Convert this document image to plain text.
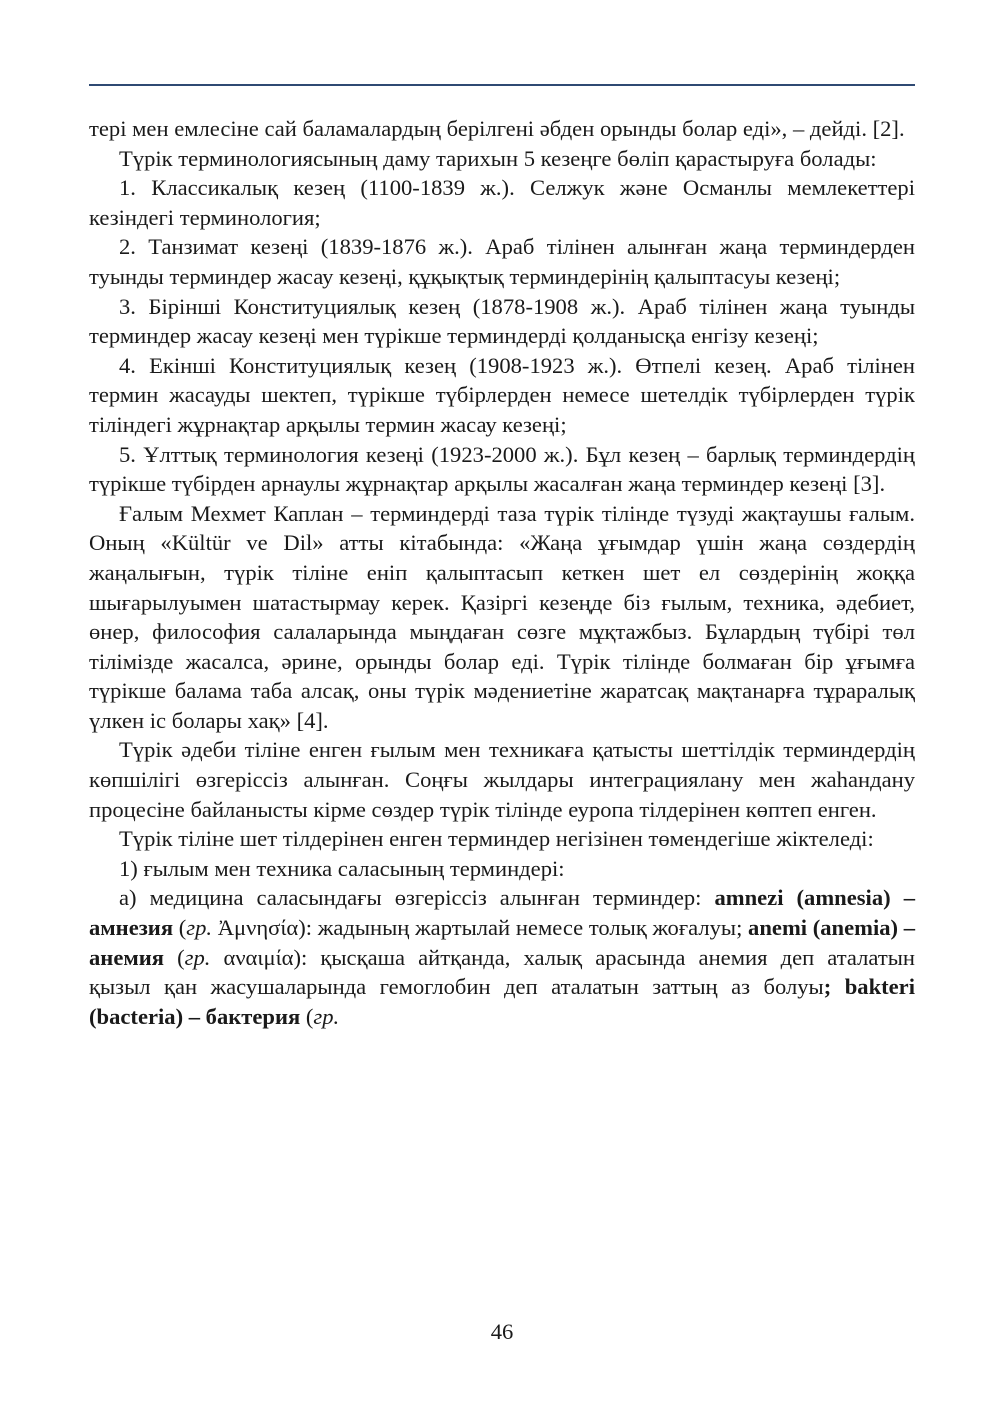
тері мен емлесіне сай баламалардың берілгені әбден орынды болар еді», – дейді. [2].

Түрік терминологиясының даму тарихын 5 кезеңге бөліп қарастыруға болады:

1. Классикалық кезең (1100-1839 ж.). Селжук және Османлы мемлекеттері кезіндегі терминология;

2. Танзимат кезеңі (1839-1876 ж.). Араб тілінен алынған жаңа терминдерден туынды терминдер жасау кезеңі, құқықтық терминдерінің қалыптасуы кезеңі;

3. Бірінші Конституциялық кезең (1878-1908 ж.). Араб тілінен жаңа туынды терминдер жасау кезеңі мен түрікше терминдерді қолданысқа енгізу кезеңі;

4. Екінші Конституциялық кезең (1908-1923 ж.). Өтпелі кезең. Араб тілінен термин жасауды шектеп, түрікше түбірлерден немесе шетелдік түбірлерден түрік тіліндегі жұрнақтар арқылы термин жасау кезеңі;

5. Ұлттық терминология кезеңі (1923-2000 ж.). Бұл кезең – барлық терминдердің түрікше түбірден арнаулы жұрнақтар арқылы жасалған жаңа терминдер кезеңі [3].

Ғалым Мехмет Каплан – терминдерді таза түрік тілінде түзуді жақтаушы ғалым. Оның «Kültür ve Dil» атты кітабында: «Жаңа ұғымдар үшін жаңа сөздердің жаңалығын, түрік тіліне еніп қалыптасып кеткен шет ел сөздерінің жоққа шығарылуымен шатастырмау керек. Қазіргі кезеңде біз ғылым, техника, әдебиет, өнер, философия салаларында мыңдаған сөзге мұқтажбыз. Бұлардың түбірі төл тілімізде жасалса, әрине, орынды болар еді. Түрік тілінде болмаған бір ұғымға түрікше балама таба алсақ, оны түрік мәдениетіне жаратсақ мақтанарға тұраралық үлкен іс болары хақ» [4].

Түрік әдеби тіліне енген ғылым мен техникаға қатысты шеттілдік терминдердің көпшілігі өзгеріссіз алынған. Соңғы жылдары интеграциялану мен жаһандану процесіне байланысты кірме сөздер түрік тілінде еуропа тілдерінен көптеп енген.

Түрік тіліне шет тілдерінен енген терминдер негізінен төмендегіше жіктеледі:

1) ғылым мен техника саласының терминдері:

а) медицина саласындағы өзгеріссіз алынған терминдер: amnezi (amnesia) – амнезия (гр. Ἀμνησία): жадының жартылай немесе толық жоғалуы; anemi (anemia) – анемия (гр. αναιμία): қысқаша айтқанда, халық арасында анемия деп аталатын қызыл қан жасушаларында гемоглобин деп аталатын заттың аз болуы; bakteri (bacteria) – бактерия (гр.

46
